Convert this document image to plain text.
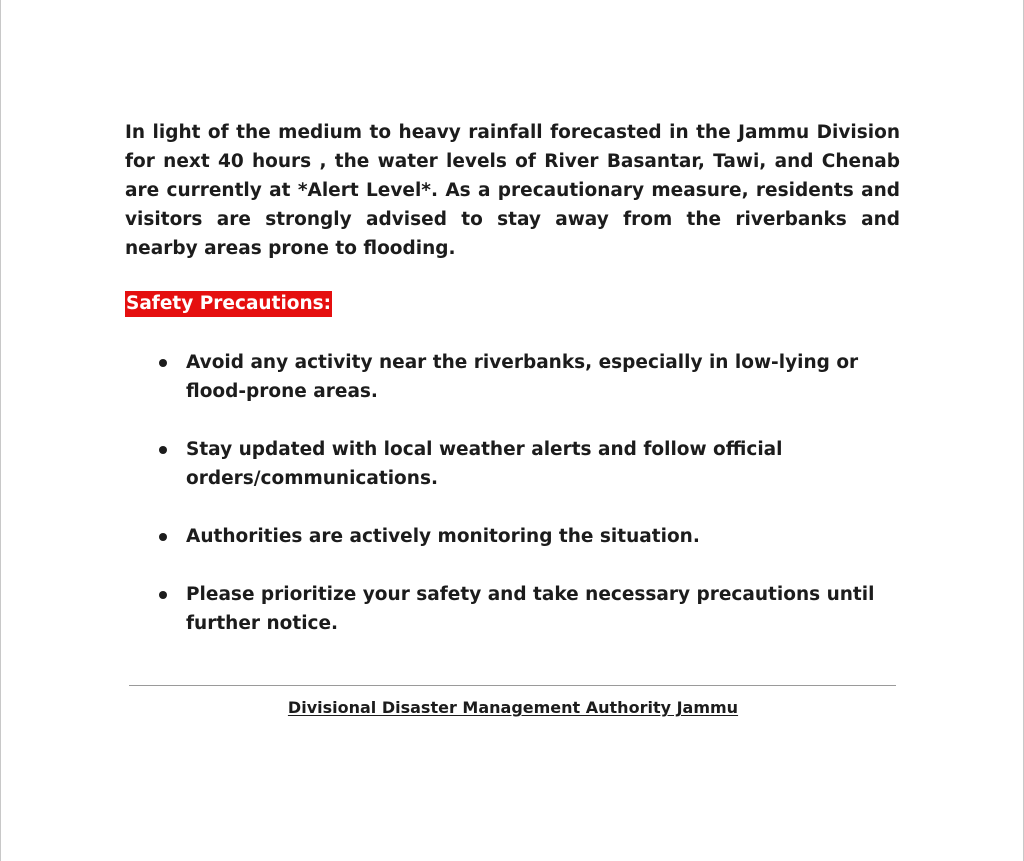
In light of the medium to heavy rainfall forecasted in the Jammu Division for next 40 hours , the water levels of River Basantar, Tawi, and Chenab are currently at *Alert Level*. As a precautionary measure, residents and visitors are strongly advised to stay away from the riverbanks and nearby areas prone to flooding.

Safety Precautions:
Avoid any activity near the riverbanks, especially in low-lying or flood-prone areas.
Stay updated with local weather alerts and follow official orders/communications.
Authorities are actively monitoring the situation.
Please prioritize your safety and take necessary precautions until further notice.
Divisional Disaster Management Authority Jammu
